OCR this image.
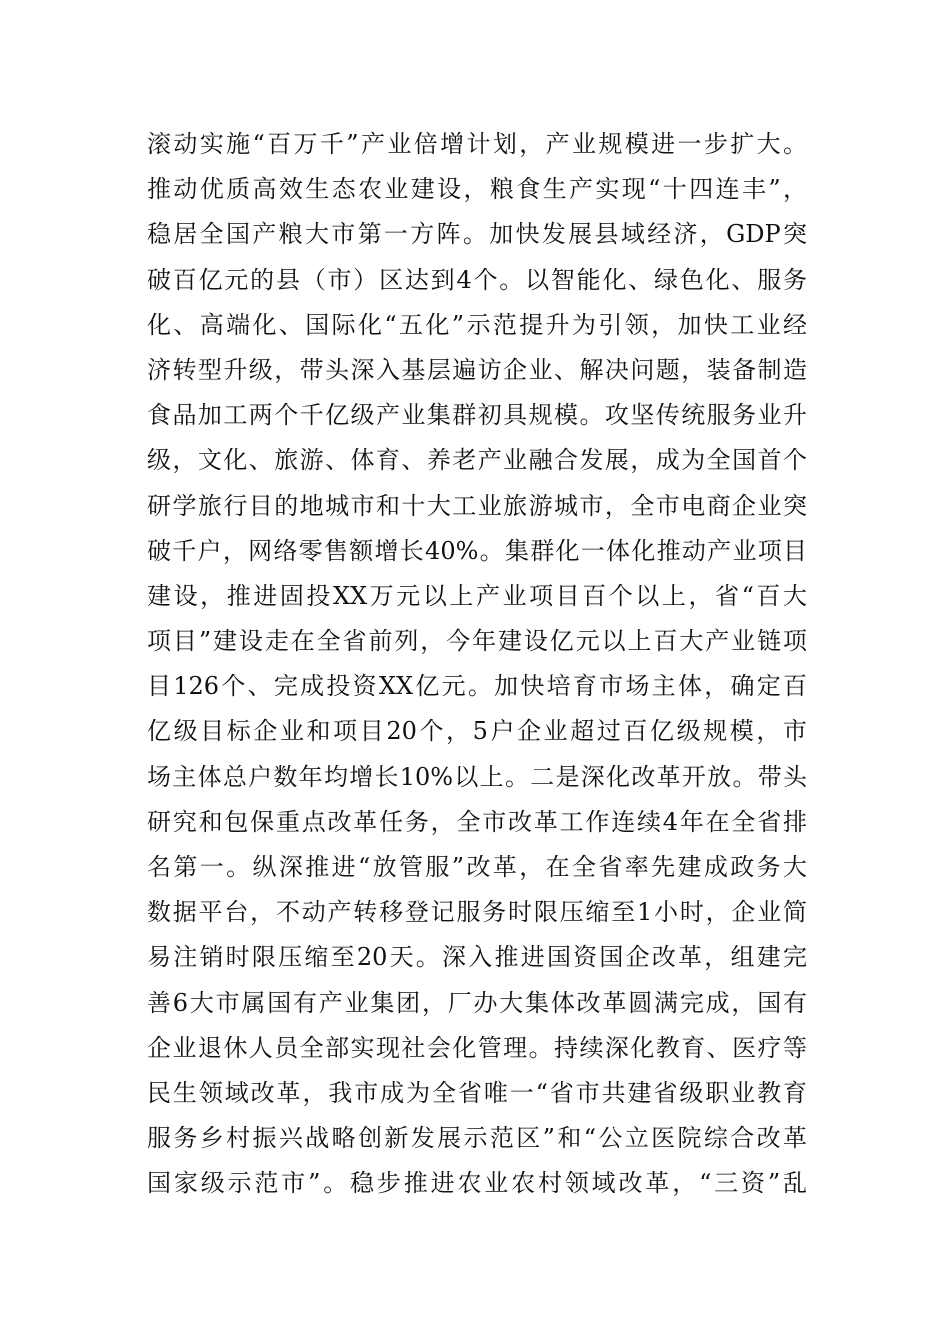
滚动实施“百万千”产业倍增计划，产业规模进一步扩大。
推动优质高效生态农业建设，粮食生产实现“十四连丰”，
稳居全国产粮大市第一方阵。加快发展县域经济，GDP突
破百亿元的县（市）区达到4个。以智能化、绿色化、服务
化、高端化、国际化“五化”示范提升为引领，加快工业经
济转型升级，带头深入基层遍访企业、解决问题，装备制造
食品加工两个千亿级产业集群初具规模。攻坚传统服务业升
级，文化、旅游、体育、养老产业融合发展，成为全国首个
研学旅行目的地城市和十大工业旅游城市，全市电商企业突
破千户，网络零售额增长40%。集群化一体化推动产业项目
建设，推进固投XX万元以上产业项目百个以上，省“百大
项目”建设走在全省前列，今年建设亿元以上百大产业链项
目126个、完成投资XX亿元。加快培育市场主体，确定百
亿级目标企业和项目20个，5户企业超过百亿级规模，市
场主体总户数年均增长10%以上。二是深化改革开放。带头
研究和包保重点改革任务，全市改革工作连续4年在全省排
名第一。纵深推进“放管服”改革，在全省率先建成政务大
数据平台，不动产转移登记服务时限压缩至1小时，企业简
易注销时限压缩至20天。深入推进国资国企改革，组建完
善6大市属国有产业集团，厂办大集体改革圆满完成，国有
企业退休人员全部实现社会化管理。持续深化教育、医疗等
民生领域改革，我市成为全省唯一“省市共建省级职业教育
服务乡村振兴战略创新发展示范区”和“公立医院综合改革
国家级示范市”。稳步推进农业农村领域改革，“三资”乱
